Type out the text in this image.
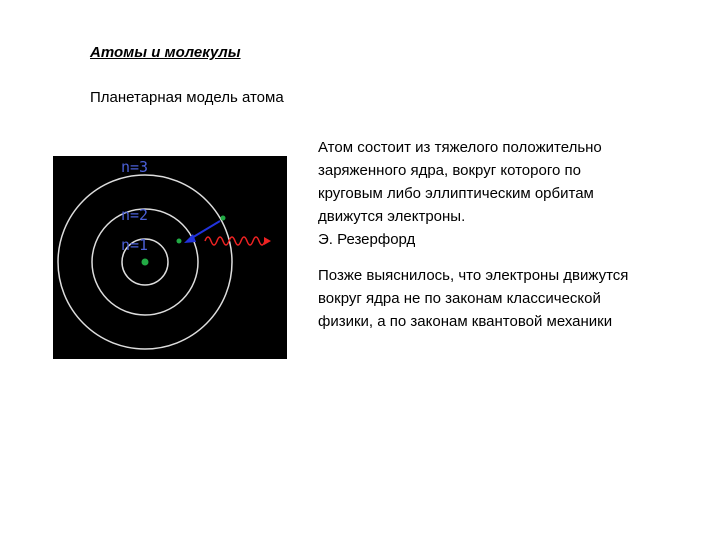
Атомы и молекулы

Планетарная модель атома

n=3
n=2
n=1
Атом состоит из тяжелого положительно
заряженного ядра, вокруг которого по
круговым либо эллиптическим орбитам
движутся электроны.
Э. Резерфорд
Позже выяснилось, что электроны движутся
вокруг ядра не по законам классической
физики, а по законам квантовой механики
